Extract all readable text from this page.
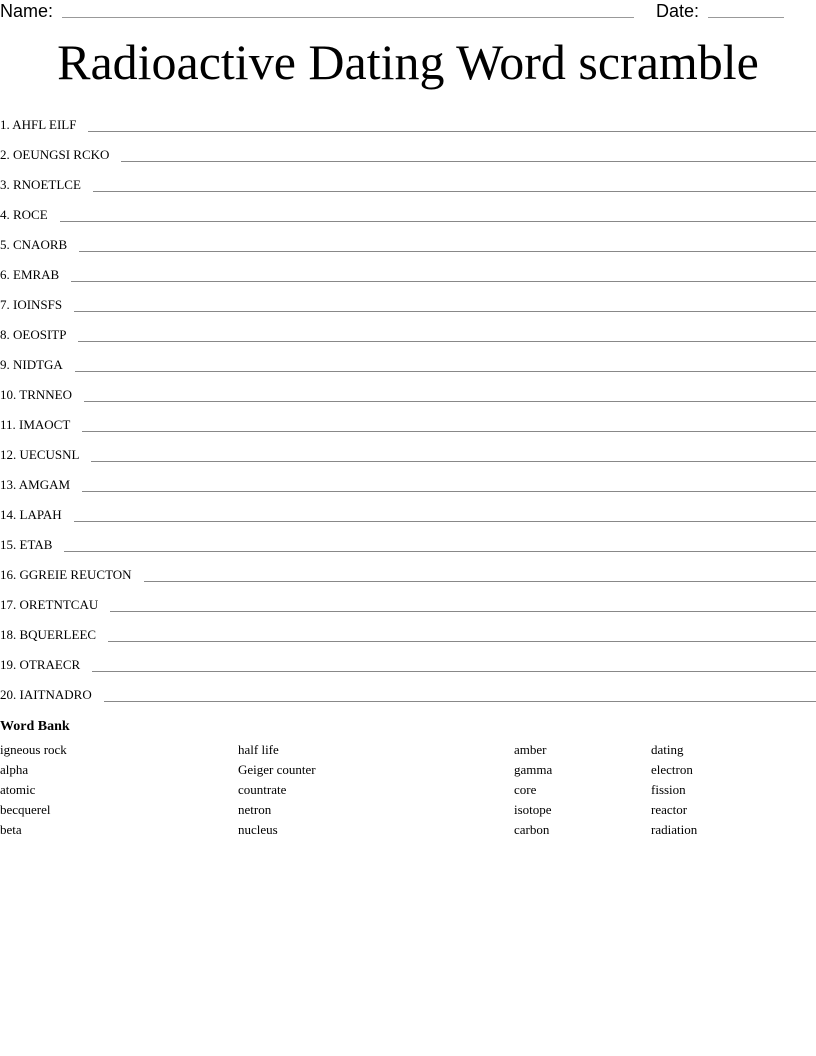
Name:	Date:
Radioactive Dating Word scramble
1. AHFL EILF
2. OEUNGSI RCKO
3. RNOETLCE
4. ROCE
5. CNAORB
6. EMRAB
7. IOINSFS
8. OEOSITP
9. NIDTGA
10. TRNNEO
11. IMAOCT
12. UECUSNL
13. AMGAM
14. LAPAH
15. ETAB
16. GGREIE REUCTON
17. ORETNTCAU
18. BQUERLEEC
19. OTRAECR
20. IAITNADRO
Word Bank
igneous rock
alpha
atomic
becquerel
beta
half life
Geiger counter
countrate
netron
nucleus
amber
gamma
core
isotope
carbon
dating
electron
fission
reactor
radiation
